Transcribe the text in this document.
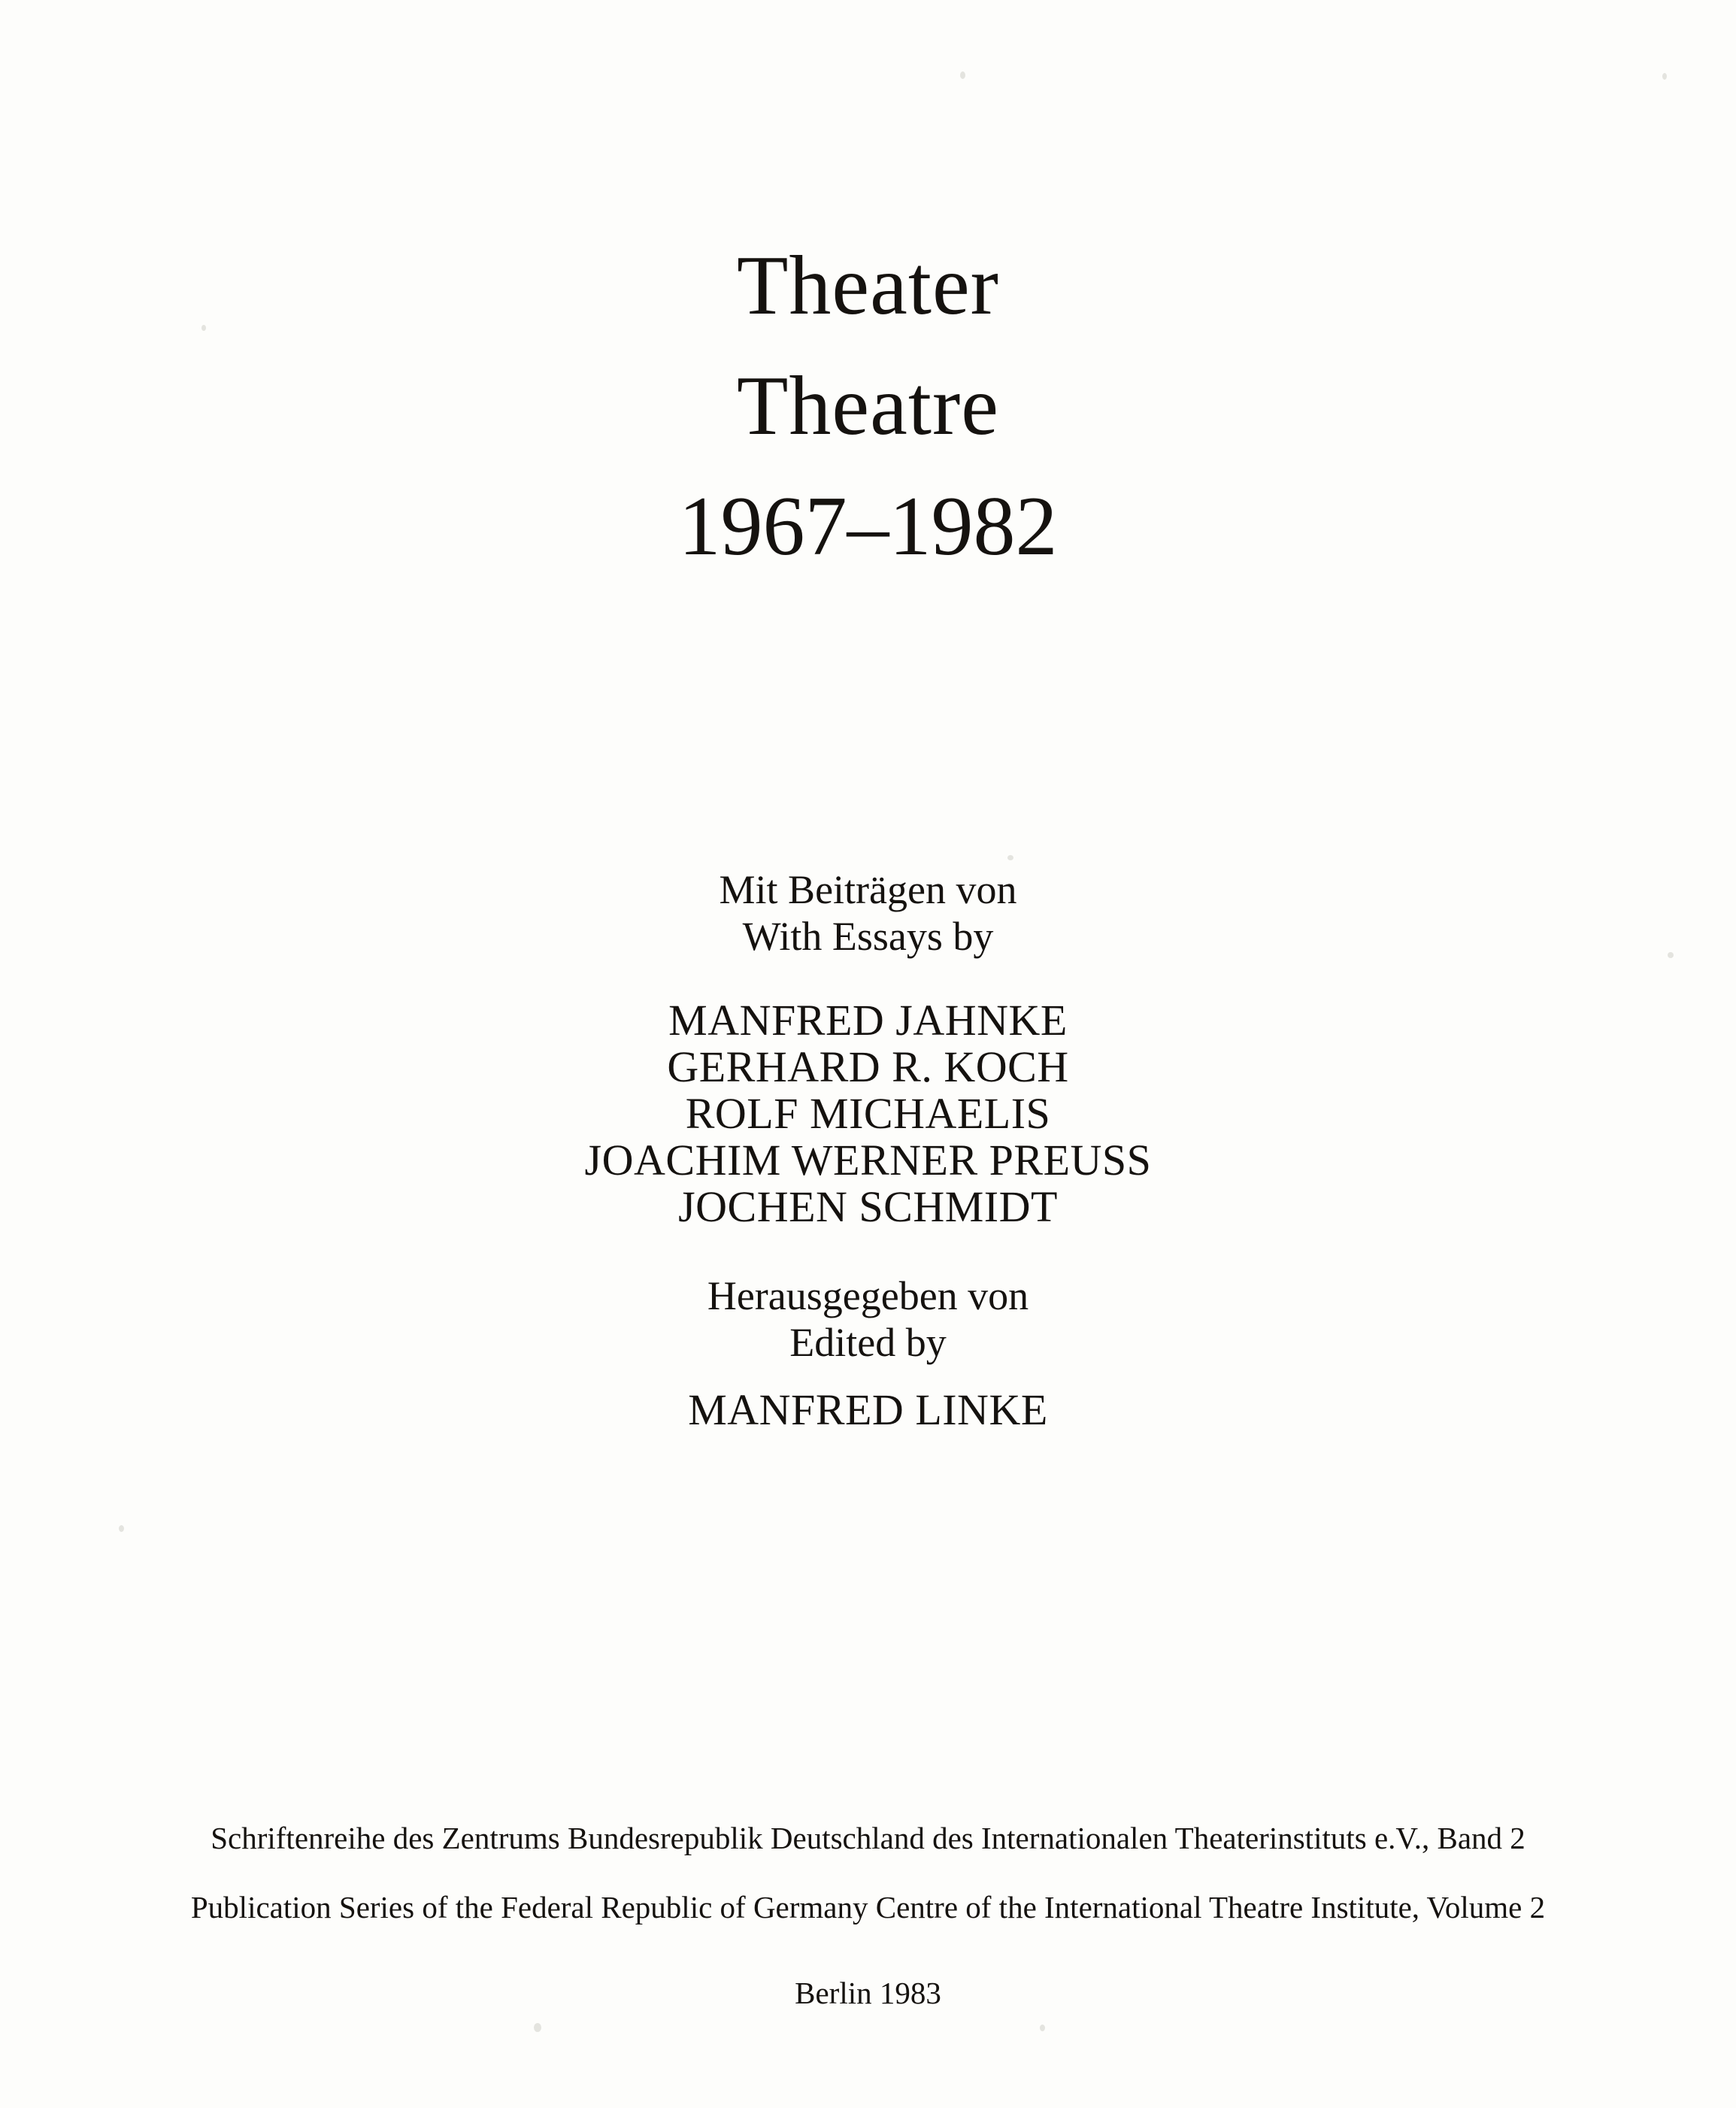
Theater
Theatre
1967–1982
Mit Beiträgen von
With Essays by
MANFRED JAHNKE
GERHARD R. KOCH
ROLF MICHAELIS
JOACHIM WERNER PREUSS
JOCHEN SCHMIDT
Herausgegeben von
Edited by
MANFRED LINKE
Schriftenreihe des Zentrums Bundesrepublik Deutschland des Internationalen Theaterinstituts e.V., Band 2
Publication Series of the Federal Republic of Germany Centre of the International Theatre Institute, Volume 2
Berlin 1983
